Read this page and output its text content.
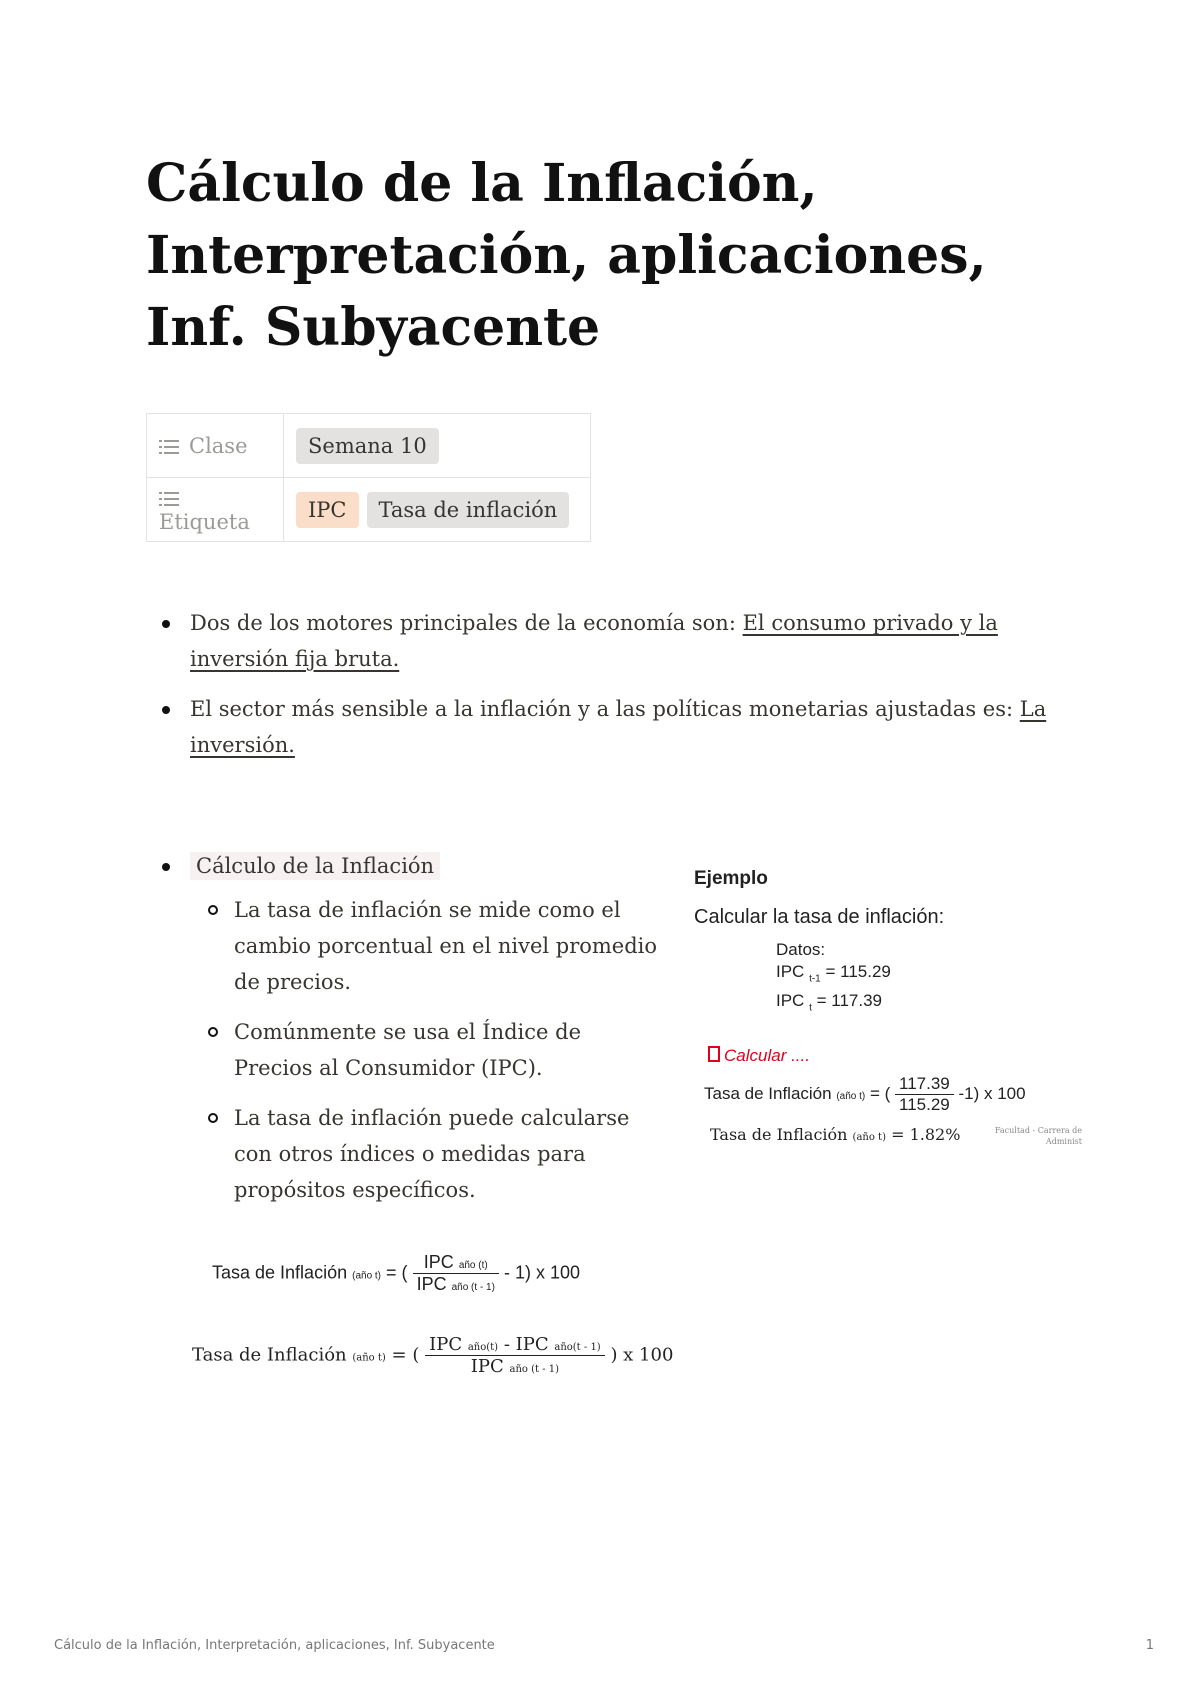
Cálculo de la Inflación, Interpretación, aplicaciones, Inf. Subyacente
Clase	Semana 10
Etiqueta	IPC Tasa de inflación
Dos de los motores principales de la economía son: El consumo privado y la inversión fija bruta.
El sector más sensible a la inflación y a las políticas monetarias ajustadas es: La inversión.
Cálculo de la Inflación
La tasa de inflación se mide como el cambio porcentual en el nivel promedio de precios.
Comúnmente se usa el Índice de Precios al Consumidor (IPC).
La tasa de inflación puede calcularse con otros índices o medidas para propósitos específicos.
Tasa de Inflación (año t) = ( $\frac{\text{IPC año (t)}}{\text{IPC año (t - 1)}} - 1$) x 100
Tasa de Inflación (año t) = ( $\frac{\text{IPC año(t) - IPC año(t - 1)}}{\text{IPC año (t - 1)}}$ ) x 100
Ejemplo
Calcular la tasa de inflación:
Datos:
IPC $_{t-1}$ = 115.29
IPC $_t$ = 117.39
Calcular ....
Tasa de Inflación (año t) = ( $\frac{117.39}{115.29} -1$) x 100
Tasa de Inflación (año t) = 1.82%	Facultad - Carrera de Administ
Cálculo de la Inflación, Interpretación, aplicaciones, Inf. Subyacente	1
